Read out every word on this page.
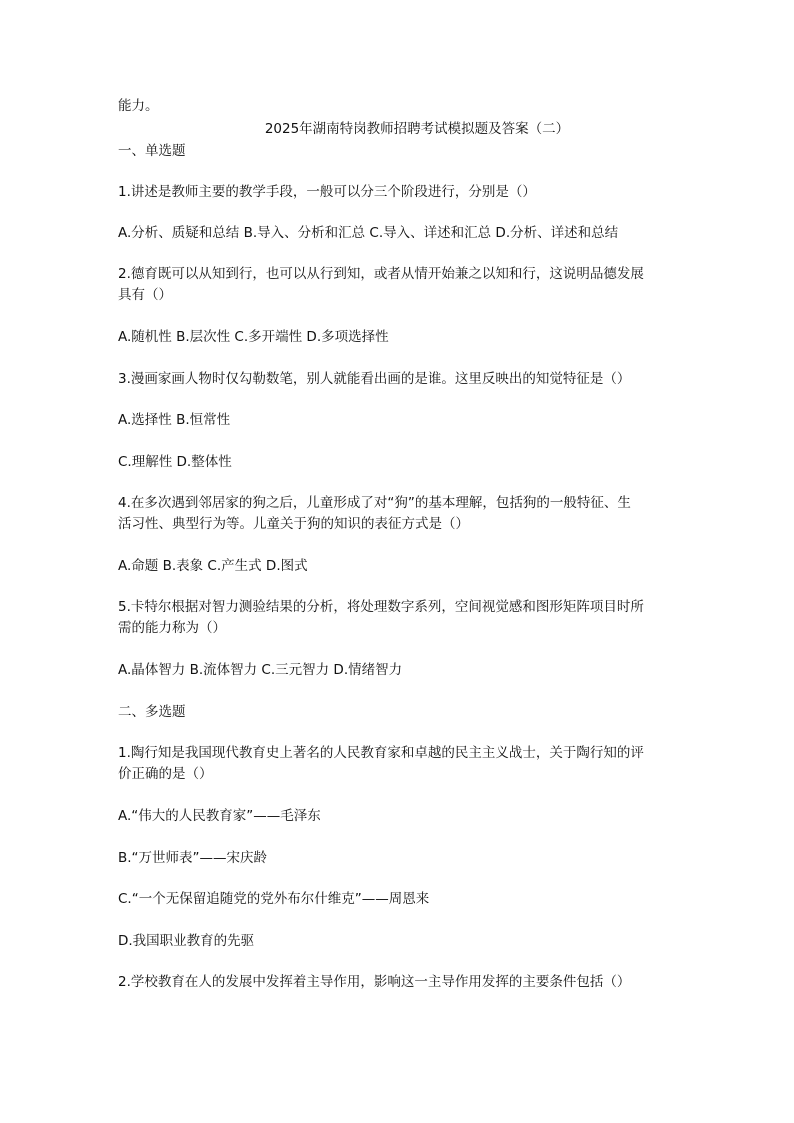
能力。
2025年湖南特岗教师招聘考试模拟题及答案（二）
一、单选题
1.讲述是教师主要的教学手段，一般可以分三个阶段进行，分别是（）
A.分析、质疑和总结 B.导入、分析和汇总 C.导入、详述和汇总 D.分析、详述和总结
2.德育既可以从知到行，也可以从行到知，或者从情开始兼之以知和行，这说明品德发展
具有（）
A.随机性 B.层次性 C.多开端性 D.多项选择性
3.漫画家画人物时仅勾勒数笔，别人就能看出画的是谁。这里反映出的知觉特征是（）
A.选择性 B.恒常性
C.理解性 D.整体性
4.在多次遇到邻居家的狗之后，儿童形成了对“狗”的基本理解，包括狗的一般特征、生
活习性、典型行为等。儿童关于狗的知识的表征方式是（）
A.命题 B.表象 C.产生式 D.图式
5.卡特尔根据对智力测验结果的分析，将处理数字系列，空间视觉感和图形矩阵项目时所
需的能力称为（）
A.晶体智力 B.流体智力 C.三元智力 D.情绪智力
二、多选题
1.陶行知是我国现代教育史上著名的人民教育家和卓越的民主主义战士，关于陶行知的评
价正确的是（）
A.“伟大的人民教育家”——毛泽东
B.“万世师表”——宋庆龄
C.“一个无保留追随党的党外布尔什维克”——周恩来
D.我国职业教育的先驱
2.学校教育在人的发展中发挥着主导作用，影响这一主导作用发挥的主要条件包括（）
